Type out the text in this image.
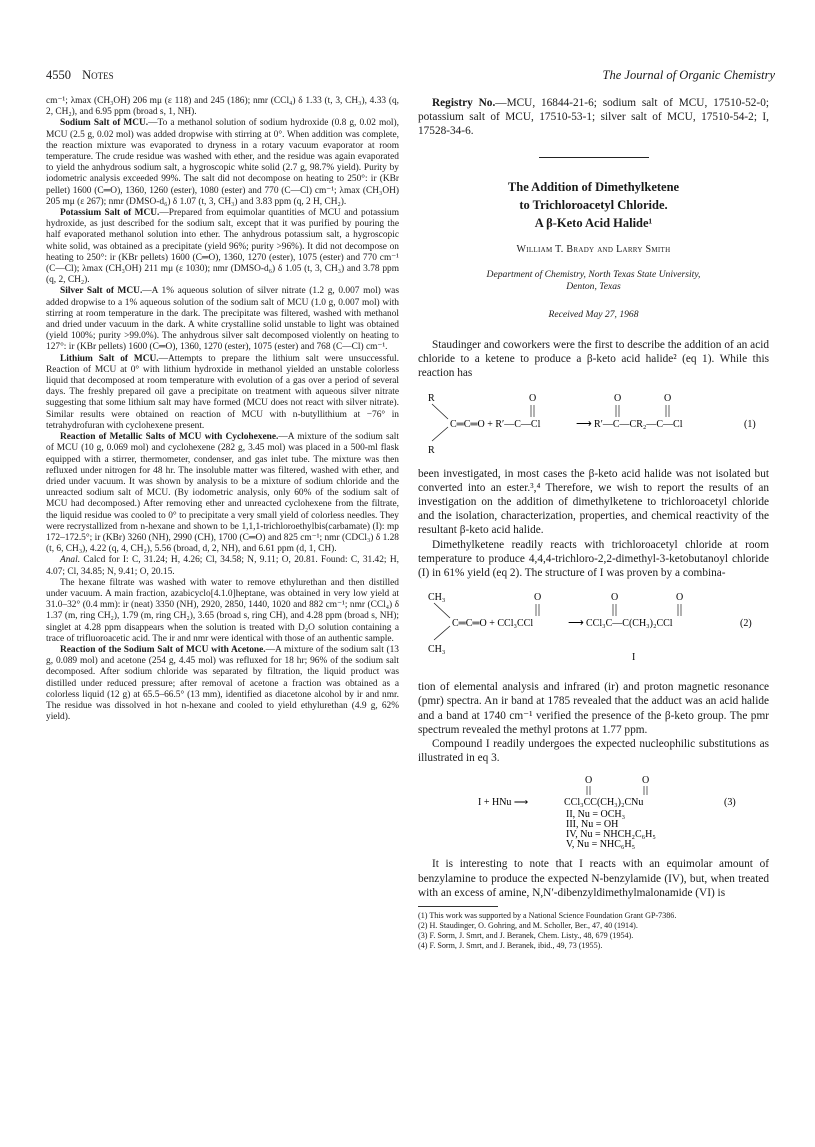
4550 Notes	The Journal of Organic Chemistry

cm⁻¹; λmax (CH₃OH) 206 mμ (ε 118) and 245 (186); nmr (CCl₄) δ 1.33 (t, 3, CH₃), 4.33 (q, 2, CH₂), and 6.95 ppm (broad s, 1, NH).

Sodium Salt of MCU.—To a methanol solution of sodium hydroxide (0.8 g, 0.02 mol), MCU (2.5 g, 0.02 mol) was added dropwise with stirring at 0°. When addition was complete, the reaction mixture was evaporated to dryness in a rotary vacuum evaporator at room temperature. The crude residue was washed with ether, and the residue was again evaporated to yield the anhydrous sodium salt, a hygroscopic white solid (2.7 g, 98.7% yield). Purity by iodometric analysis exceeded 99%. The salt did not decompose on heating to 250°: ir (KBr pellet) 1600 (C═O), 1360, 1260 (ester), 1080 (ester) and 770 (C—Cl) cm⁻¹; λmax (CH₃OH) 205 mμ (ε 267); nmr (DMSO-d₆) δ 1.07 (t, 3, CH₃) and 3.83 ppm (q, 2 H, CH₂).

Potassium Salt of MCU.—Prepared from equimolar quantities of MCU and potassium hydroxide, as just described for the sodium salt, except that it was purified by pouring the half evaporated methanol solution into ether. The anhydrous potassium salt, a hygroscopic white solid, was obtained as a precipitate (yield 96%; purity >96%). It did not decompose on heating to 250°: ir (KBr pellets) 1600 (C═O), 1360, 1270 (ester), 1075 (ester) and 770 cm⁻¹ (C—Cl); λmax (CH₃OH) 211 mμ (ε 1030); nmr (DMSO-d₆) δ 1.05 (t, 3, CH₃) and 3.78 ppm (q, 2, CH₂).

Silver Salt of MCU.—A 1% aqueous solution of silver nitrate (1.2 g, 0.007 mol) was added dropwise to a 1% aqueous solution of the sodium salt of MCU (1.0 g, 0.007 mol) with stirring at room temperature in the dark. The precipitate was filtered, washed with methanol and dried under vacuum in the dark. A white crystalline solid unstable to light was obtained (yield 100%; purity >99.0%). The anhydrous silver salt decomposed violently on heating to 127°: ir (KBr pellets) 1600 (C═O), 1360, 1270 (ester), 1075 (ester) and 768 (C—Cl) cm⁻¹.

Lithium Salt of MCU.—Attempts to prepare the lithium salt were unsuccessful. Reaction of MCU at 0° with lithium hydroxide in methanol yielded an unstable colorless liquid that decomposed at room temperature with evolution of a gas over a period of several days. The freshly prepared oil gave a precipitate on treatment with aqueous silver nitrate suggesting that some lithium salt may have formed (MCU does not react with silver nitrate). Similar results were obtained on reaction of MCU with n-butyllithium at −76° in tetrahydrofuran with cyclohexene present.

Reaction of Metallic Salts of MCU with Cyclohexene.—A mixture of the sodium salt of MCU (10 g, 0.069 mol) and cyclohexene (282 g, 3.45 mol) was placed in a 500-ml flask equipped with a stirrer, thermometer, condenser, and gas inlet tube. The mixture was then refluxed under nitrogen for 48 hr. The insoluble matter was filtered, washed with ether, and dried under vacuum. It was shown by analysis to be a mixture of sodium chloride and the unreacted sodium salt of MCU. (By iodometric analysis, only 60% of the sodium salt of MCU had decomposed.) After removing ether and unreacted cyclohexene from the filtrate, the liquid residue was cooled to 0° to precipitate a very small yield of colorless needles. They were recrystallized from n-hexane and shown to be 1,1,1-trichloroethylbis(carbamate) (I): mp 172–172.5°; ir (KBr) 3260 (NH), 2990 (CH), 1700 (C═O) and 825 cm⁻¹; nmr (CDCl₃) δ 1.28 (t, 6, CH₃), 4.22 (q, 4, CH₂), 5.56 (broad, d, 2, NH), and 6.61 ppm (d, 1, CH).

Anal. Calcd for I: C, 31.24; H, 4.26; Cl, 34.58; N, 9.11; O, 20.81. Found: C, 31.42; H, 4.07; Cl, 34.85; N, 9.41; O, 20.15.

The hexane filtrate was washed with water to remove ethylurethan and then distilled under vacuum. A main fraction, azabicyclo[4.1.0]heptane, was obtained in very low yield at 31.0–32° (0.4 mm): ir (neat) 3350 (NH), 2920, 2850, 1440, 1020 and 882 cm⁻¹; nmr (CCl₄) δ 1.37 (m, ring CH₂), 1.79 (m, ring CH₂), 3.65 (broad s, ring CH), and 4.28 ppm (broad s, NH); singlet at 4.28 ppm disappears when the solution is treated with D₂O solution containing a trace of trifluoroacetic acid. The ir and nmr were identical with those of an authentic sample.

Reaction of the Sodium Salt of MCU with Acetone.—A mixture of the sodium salt (13 g, 0.089 mol) and acetone (254 g, 4.45 mol) was refluxed for 18 hr; 96% of the sodium salt decomposed. After sodium chloride was separated by filtration, the liquid product was distilled under reduced pressure; after removal of acetone a fraction was obtained as a colorless liquid (12 g) at 65.5–66.5° (13 mm), identified as diacetone alcohol by ir and nmr. The residue was dissolved in hot n-hexane and cooled to yield ethylurethan (4.9 g, 62% yield).

Registry No.—MCU, 16844-21-6; sodium salt of MCU, 17510-52-0; potassium salt of MCU, 17510-53-1; silver salt of MCU, 17510-54-2; I, 17528-34-6.

The Addition of Dimethylketene
to Trichloroacetyl Chloride.
A β-Keto Acid Halide¹
William T. Brady and Larry Smith
Department of Chemistry, North Texas State University,
Denton, Texas
Received May 27, 1968

Staudinger and coworkers were the first to describe the addition of an acid chloride to a ketene to produce a β-keto acid halide² (eq 1). While this reaction has

R
R
C═C═O + R′—C—Cl
O
⟶ R′—C—CR₂—C—Cl
O	O
(1)

been investigated, in most cases the β-keto acid halide was not isolated but converted into an ester.³,⁴ Therefore, we wish to report the results of an investigation on the addition of dimethylketene to trichloroacetyl chloride and the isolation, characterization, properties, and chemical reactivity of the resultant β-keto acid halide.

Dimethylketene readily reacts with trichloroacetyl chloride at room temperature to produce 4,4,4-trichloro-2,2-dimethyl-3-ketobutanoyl chloride (I) in 61% yield (eq 2). The structure of I was proven by a combina-

CH₃
CH₃
C═C═O + CCl₃CCl
O
⟶ CCl₃C—C(CH₃)₂CCl
O	O
(2)
I

tion of elemental analysis and infrared (ir) and proton magnetic resonance (pmr) spectra. An ir band at 1785 revealed that the adduct was an acid halide and a band at 1740 cm⁻¹ verified the presence of the β-keto group. The pmr spectrum revealed the methyl protons at 1.77 ppm.

Compound I readily undergoes the expected nucleophilic substitutions as illustrated in eq 3.

O	O
I + HNu ⟶	CCl₃CC(CH₃)₂CNu	(3)
II, Nu = OCH₃
III, Nu = OH
IV, Nu = NHCH₂C₆H₅
V, Nu = NHC₆H₅

It is interesting to note that I reacts with an equimolar amount of benzylamine to produce the expected N-benzylamide (IV), but, when treated with an excess of amine, N,N′-dibenzyldimethylmalonamide (VI) is

(1) This work was supported by a National Science Foundation Grant GP-7386.
(2) H. Staudinger, O. Gohring, and M. Scholler, Ber., 47, 40 (1914).
(3) F. Sorm, J. Smrt, and J. Beranek, Chem. Listy., 48, 679 (1954).
(4) F. Sorm, J. Smrt, and J. Beranek, ibid., 49, 73 (1955).
